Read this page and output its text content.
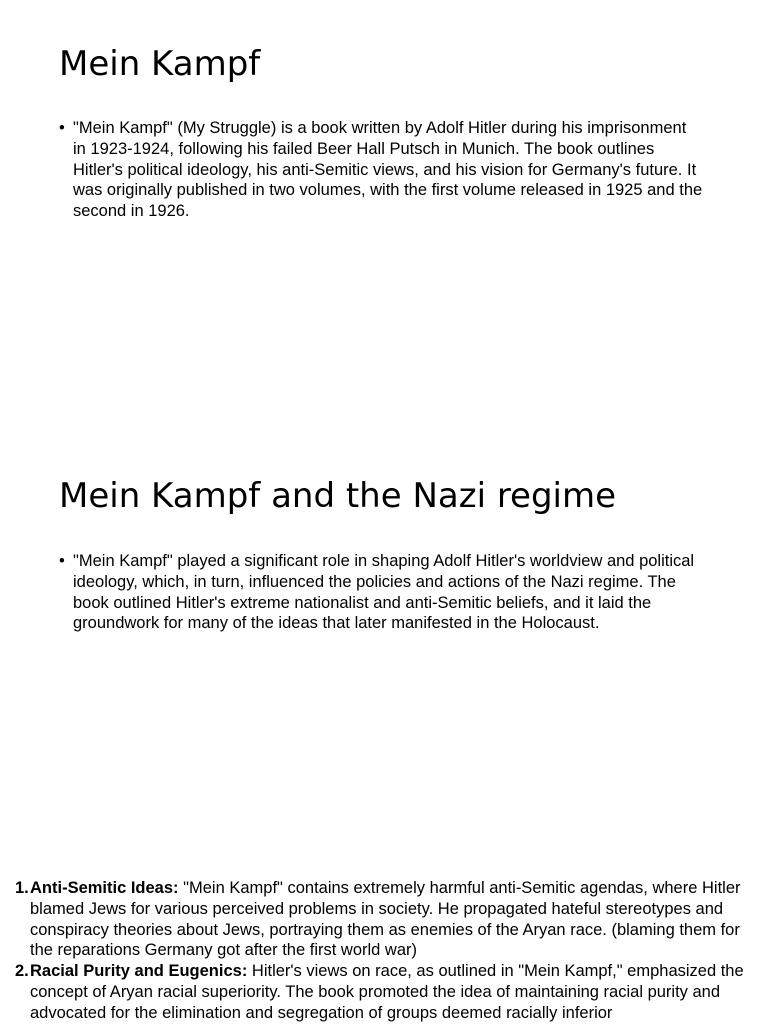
Mein Kampf
• "Mein Kampf" (My Struggle) is a book written by Adolf Hitler during his imprisonment in 1923-1924, following his failed Beer Hall Putsch in Munich. The book outlines Hitler's political ideology, his anti-Semitic views, and his vision for Germany's future. It was originally published in two volumes, with the first volume released in 1925 and the second in 1926.

Mein Kampf and the Nazi regime
• "Mein Kampf" played a significant role in shaping Adolf Hitler's worldview and political ideology, which, in turn, influenced the policies and actions of the Nazi regime. The book outlined Hitler's extreme nationalist and anti-Semitic beliefs, and it laid the groundwork for many of the ideas that later manifested in the Holocaust.

1. Anti-Semitic Ideas: "Mein Kampf" contains extremely harmful anti-Semitic agendas, where Hitler blamed Jews for various perceived problems in society. He propagated hateful stereotypes and conspiracy theories about Jews, portraying them as enemies of the Aryan race. (blaming them for the reparations Germany got after the first world war)
2. Racial Purity and Eugenics: Hitler's views on race, as outlined in "Mein Kampf," emphasized the concept of Aryan racial superiority. The book promoted the idea of maintaining racial purity and advocated for the elimination and segregation of groups deemed racially inferior
